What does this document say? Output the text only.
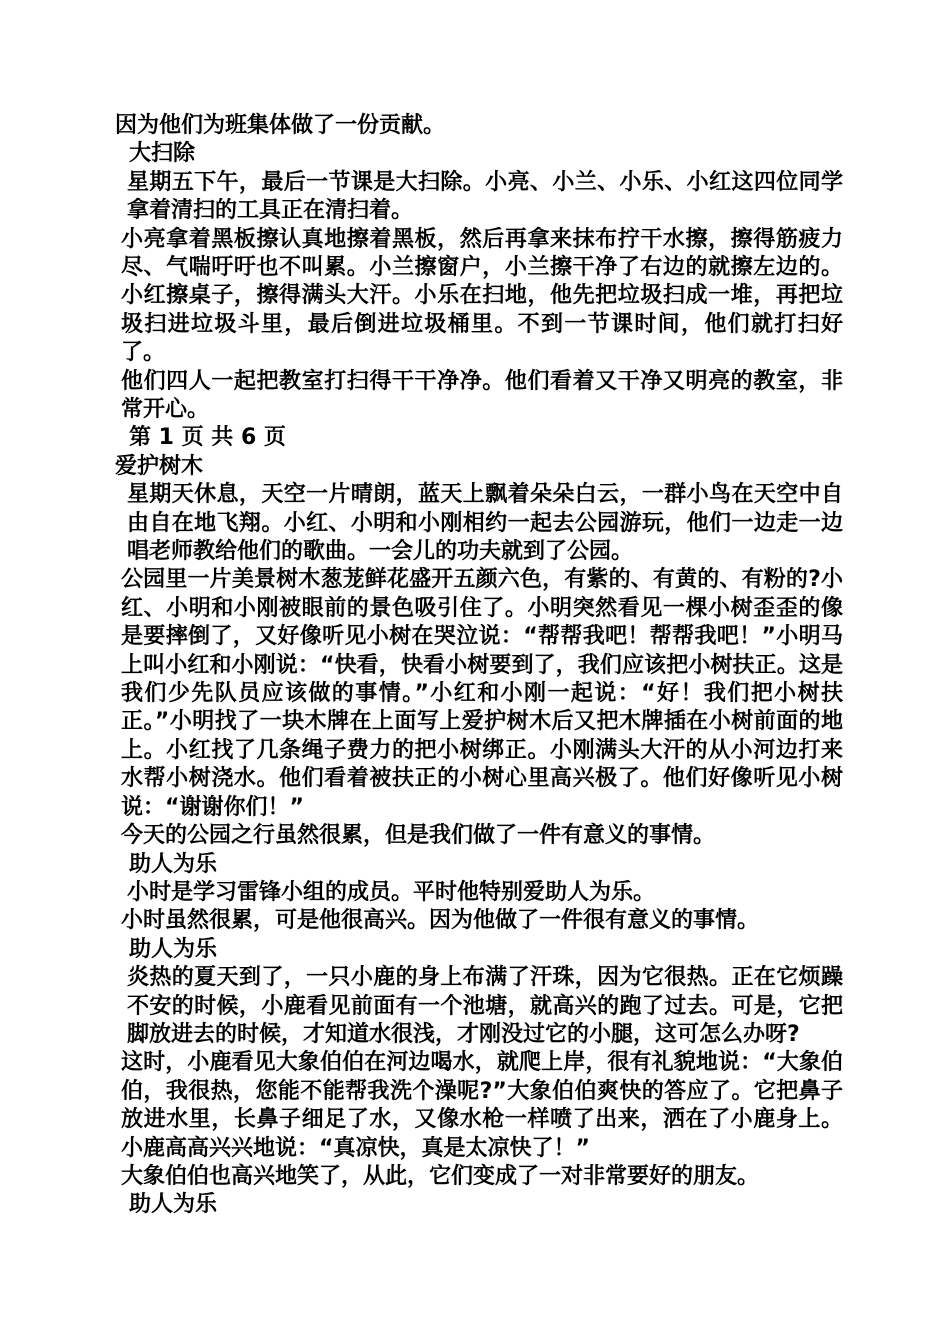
因为他们为班集体做了一份贡献。
大扫除
星期五下午，最后一节课是大扫除。小亮、小兰、小乐、小红这四位同学拿着清扫的工具正在清扫着。
小亮拿着黑板擦认真地擦着黑板，然后再拿来抹布拧干水擦，擦得筋疲力尽、气喘吁吁也不叫累。小兰擦窗户，小兰擦干净了右边的就擦左边的。小红擦桌子，擦得满头大汗。小乐在扫地，他先把垃圾扫成一堆，再把垃圾扫进垃圾斗里，最后倒进垃圾桶里。不到一节课时间，他们就打扫好了。
他们四人一起把教室打扫得干干净净。他们看着又干净又明亮的教室，非常开心。
第 1 页 共 6 页
爱护树木
星期天休息，天空一片晴朗，蓝天上飘着朵朵白云，一群小鸟在天空中自由自在地飞翔。小红、小明和小刚相约一起去公园游玩，他们一边走一边唱老师教给他们的歌曲。一会儿的功夫就到了公园。
公园里一片美景树木葱茏鲜花盛开五颜六色，有紫的、有黄的、有粉的?小红、小明和小刚被眼前的景色吸引住了。小明突然看见一棵小树歪歪的像是要摔倒了，又好像听见小树在哭泣说：“帮帮我吧！帮帮我吧！”小明马上叫小红和小刚说：“快看，快看小树要到了，我们应该把小树扶正。这是我们少先队员应该做的事情。”小红和小刚一起说：“好！我们把小树扶正。”小明找了一块木牌在上面写上爱护树木后又把木牌插在小树前面的地上。小红找了几条绳子费力的把小树绑正。小刚满头大汗的从小河边打来水帮小树浇水。他们看着被扶正的小树心里高兴极了。他们好像听见小树说：“谢谢你们！”
今天的公园之行虽然很累，但是我们做了一件有意义的事情。
助人为乐
小时是学习雷锋小组的成员。平时他特别爱助人为乐。
小时虽然很累，可是他很高兴。因为他做了一件很有意义的事情。
助人为乐
炎热的夏天到了，一只小鹿的身上布满了汗珠，因为它很热。正在它烦躁不安的时候，小鹿看见前面有一个池塘，就高兴的跑了过去。可是，它把脚放进去的时候，才知道水很浅，才刚没过它的小腿，这可怎么办呀?
这时，小鹿看见大象伯伯在河边喝水，就爬上岸，很有礼貌地说：“大象伯伯，我很热，您能不能帮我洗个澡呢?”大象伯伯爽快的答应了。它把鼻子放进水里，长鼻子细足了水，又像水枪一样喷了出来，洒在了小鹿身上。小鹿高高兴兴地说：“真凉快，真是太凉快了！”
大象伯伯也高兴地笑了，从此，它们变成了一对非常要好的朋友。
助人为乐
